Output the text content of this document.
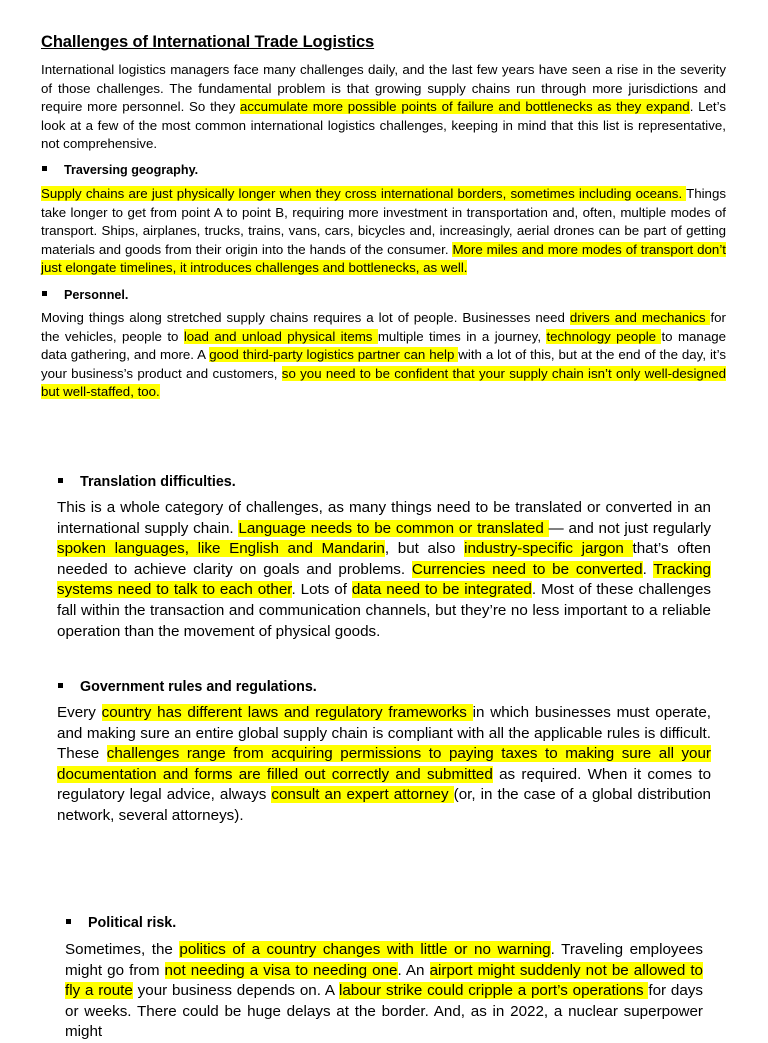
Challenges of International Trade Logistics
International logistics managers face many challenges daily, and the last few years have seen a rise in the severity of those challenges. The fundamental problem is that growing supply chains run through more jurisdictions and require more personnel. So they accumulate more possible points of failure and bottlenecks as they expand. Let’s look at a few of the most common international logistics challenges, keeping in mind that this list is representative, not comprehensive.
Traversing geography.
Supply chains are just physically longer when they cross international borders, sometimes including oceans. Things take longer to get from point A to point B, requiring more investment in transportation and, often, multiple modes of transport. Ships, airplanes, trucks, trains, vans, cars, bicycles and, increasingly, aerial drones can be part of getting materials and goods from their origin into the hands of the consumer. More miles and more modes of transport don’t just elongate timelines, it introduces challenges and bottlenecks, as well.
Personnel.
Moving things along stretched supply chains requires a lot of people. Businesses need drivers and mechanics for the vehicles, people to load and unload physical items multiple times in a journey, technology people to manage data gathering, and more. A good third-party logistics partner can help with a lot of this, but at the end of the day, it’s your business’s product and customers, so you need to be confident that your supply chain isn’t only well-designed but well-staffed, too.
Translation difficulties.
This is a whole category of challenges, as many things need to be translated or converted in an international supply chain. Language needs to be common or translated — and not just regularly spoken languages, like English and Mandarin, but also industry-specific jargon that’s often needed to achieve clarity on goals and problems. Currencies need to be converted. Tracking systems need to talk to each other. Lots of data need to be integrated. Most of these challenges fall within the transaction and communication channels, but they’re no less important to a reliable operation than the movement of physical goods.
Government rules and regulations.
Every country has different laws and regulatory frameworks in which businesses must operate, and making sure an entire global supply chain is compliant with all the applicable rules is difficult. These challenges range from acquiring permissions to paying taxes to making sure all your documentation and forms are filled out correctly and submitted as required. When it comes to regulatory legal advice, always consult an expert attorney (or, in the case of a global distribution network, several attorneys).
Political risk.
Sometimes, the politics of a country changes with little or no warning. Traveling employees might go from not needing a visa to needing one. An airport might suddenly not be allowed to fly a route your business depends on. A labour strike could cripple a port’s operations for days or weeks. There could be huge delays at the border. And, as in 2022, a nuclear superpower might
